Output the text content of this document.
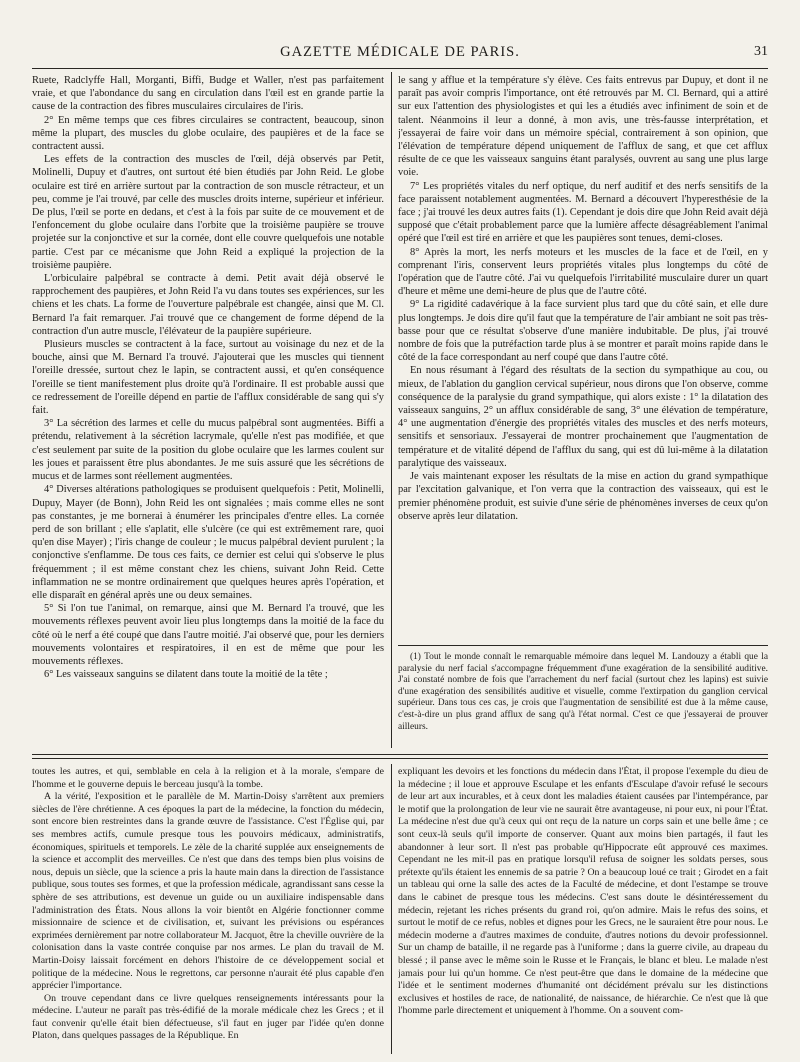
GAZETTE MÉDICALE DE PARIS.	31

Ruete, Radclyffe Hall, Morganti, Biffi, Budge et Waller, n'est pas parfaitement vraie, et que l'abondance du sang en circulation dans l'œil est en grande partie la cause de la contraction des fibres musculaires circulaires de l'iris.

2° En même temps que ces fibres circulaires se contractent, beaucoup, sinon même la plupart, des muscles du globe oculaire, des paupières et de la face se contractent aussi.

Les effets de la contraction des muscles de l'œil, déjà observés par Petit, Molinelli, Dupuy et d'autres, ont surtout été bien étudiés par John Reid. Le globe oculaire est tiré en arrière surtout par la contraction de son muscle rétracteur, et un peu, comme je l'ai trouvé, par celle des muscles droits interne, supérieur et inférieur. De plus, l'œil se porte en dedans, et c'est à la fois par suite de ce mouvement et de l'enfoncement du globe oculaire dans l'orbite que la troisième paupière se trouve projetée sur la conjonctive et sur la cornée, dont elle couvre quelquefois une notable partie. C'est par ce mécanisme que John Reid a expliqué la projection de la troisième paupière.

L'orbiculaire palpébral se contracte à demi. Petit avait déjà observé le rapprochement des paupières, et John Reid l'a vu dans toutes ses expériences, sur les chiens et les chats. La forme de l'ouverture palpébrale est changée, ainsi que M. Cl. Bernard l'a fait remarquer. J'ai trouvé que ce changement de forme dépend de la contraction d'un autre muscle, l'élévateur de la paupière supérieure.

Plusieurs muscles se contractent à la face, surtout au voisinage du nez et de la bouche, ainsi que M. Bernard l'a trouvé. J'ajouterai que les muscles qui tiennent l'oreille dressée, surtout chez le lapin, se contractent aussi, et qu'en conséquence l'oreille se tient manifestement plus droite qu'à l'ordinaire. Il est probable aussi que ce redressement de l'oreille dépend en partie de l'afflux considérable de sang qui s'y fait.

3° La sécrétion des larmes et celle du mucus palpébral sont augmentées. Biffi a prétendu, relativement à la sécrétion lacrymale, qu'elle n'est pas modifiée, et que c'est seulement par suite de la position du globe oculaire que les larmes coulent sur les joues et paraissent être plus abondantes. Je me suis assuré que les sécrétions de mucus et de larmes sont réellement augmentées.

4° Diverses altérations pathologiques se produisent quelquefois : Petit, Molinelli, Dupuy, Mayer (de Bonn), John Reid les ont signalées ; mais comme elles ne sont pas constantes, je me bornerai à énumérer les principales d'entre elles. La cornée perd de son brillant ; elle s'aplatit, elle s'ulcère (ce qui est extrêmement rare, quoi qu'en dise Mayer) ; l'iris change de couleur ; le mucus palpébral devient purulent ; la conjonctive s'enflamme. De tous ces faits, ce dernier est celui qui s'observe le plus fréquemment ; il est même constant chez les chiens, suivant John Reid. Cette inflammation ne se montre ordinairement que quelques heures après l'opération, et elle disparaît en général après une ou deux semaines.

5° Si l'on tue l'animal, on remarque, ainsi que M. Bernard l'a trouvé, que les mouvements réflexes peuvent avoir lieu plus longtemps dans la moitié de la face du côté où le nerf a été coupé que dans l'autre moitié. J'ai observé que, pour les derniers mouvements volontaires et respiratoires, il en est de même que pour les mouvements réflexes.

6° Les vaisseaux sanguins se dilatent dans toute la moitié de la tête ;

le sang y afflue et la température s'y élève. Ces faits entrevus par Dupuy, et dont il ne paraît pas avoir compris l'importance, ont été retrouvés par M. Cl. Bernard, qui a attiré sur eux l'attention des physiologistes et qui les a étudiés avec infiniment de soin et de talent. Néanmoins il leur a donné, à mon avis, une très-fausse interprétation, et j'essayerai de faire voir dans un mémoire spécial, contrairement à son opinion, que l'élévation de température dépend uniquement de l'afflux de sang, et que cet afflux résulte de ce que les vaisseaux sanguins étant paralysés, ouvrent au sang une plus large voie.

7° Les propriétés vitales du nerf optique, du nerf auditif et des nerfs sensitifs de la face paraissent notablement augmentées. M. Bernard a découvert l'hyperesthésie de la face ; j'ai trouvé les deux autres faits (1). Cependant je dois dire que John Reid avait déjà supposé que c'était probablement parce que la lumière affecte désagréablement l'animal opéré que l'œil est tiré en arrière et que les paupières sont tenues, demi-closes.

8° Après la mort, les nerfs moteurs et les muscles de la face et de l'œil, en y comprenant l'iris, conservent leurs propriétés vitales plus longtemps du côté de l'opération que de l'autre côté. J'ai vu quelquefois l'irritabilité musculaire durer un quart d'heure et même une demi-heure de plus que de l'autre côté.

9° La rigidité cadavérique à la face survient plus tard que du côté sain, et elle dure plus longtemps. Je dois dire qu'il faut que la température de l'air ambiant ne soit pas très-basse pour que ce résultat s'observe d'une manière indubitable. De plus, j'ai trouvé nombre de fois que la putréfaction tarde plus à se montrer et paraît moins rapide dans le côté de la face correspondant au nerf coupé que dans l'autre côté.

En nous résumant à l'égard des résultats de la section du sympathique au cou, ou mieux, de l'ablation du ganglion cervical supérieur, nous dirons que l'on observe, comme conséquence de la paralysie du grand sympathique, qui alors existe : 1° la dilatation des vaisseaux sanguins, 2° un afflux considérable de sang, 3° une élévation de température, 4° une augmentation d'énergie des propriétés vitales des muscles et des nerfs moteurs, sensitifs et sensoriaux. J'essayerai de montrer prochainement que l'augmentation de température et de vitalité dépend de l'afflux du sang, qui est dû lui-même à la dilatation paralytique des vaisseaux.

Je vais maintenant exposer les résultats de la mise en action du grand sympathique par l'excitation galvanique, et l'on verra que la contraction des vaisseaux, qui est le premier phénomène produit, est suivie d'une série de phénomènes inverses de ceux qu'on observe après leur dilatation.

(1) Tout le monde connaît le remarquable mémoire dans lequel M. Landouzy a établi que la paralysie du nerf facial s'accompagne fréquemment d'une exagération de la sensibilité auditive. J'ai constaté nombre de fois que l'arrachement du nerf facial (surtout chez les lapins) est suivie d'une exagération des sensibilités auditive et visuelle, comme l'extirpation du ganglion cervical supérieur. Dans tous ces cas, je crois que l'augmentation de sensibilité est due à la même cause, c'est-à-dire un plus grand afflux de sang qu'à l'état normal. C'est ce que j'essayerai de prouver ailleurs.

toutes les autres, et qui, semblable en cela à la religion et à la morale, s'empare de l'homme et le gouverne depuis le berceau jusqu'à la tombe.

A la vérité, l'exposition et le parallèle de M. Martin-Doisy s'arrêtent aux premiers siècles de l'ère chrétienne. A ces époques la part de la médecine, la fonction du médecin, sont encore bien restreintes dans la grande œuvre de l'assistance. C'est l'Église qui, par ses membres actifs, cumule presque tous les pouvoirs médicaux, administratifs, économiques, spirituels et temporels. Le zèle de la charité supplée aux enseignements de la science et accomplit des merveilles. Ce n'est que dans des temps bien plus voisins de nous, depuis un siècle, que la science a pris la haute main dans la direction de l'assistance publique, sous toutes ses formes, et que la profession médicale, agrandissant sans cesse la sphère de ses attributions, est devenue un guide ou un auxiliaire indispensable dans l'administration des États. Nous allons la voir bientôt en Algérie fonctionner comme missionnaire de science et de civilisation, et, suivant les prévisions ou espérances exprimées dernièrement par notre collaborateur M. Jacquot, être la cheville ouvrière de la colonisation dans la vaste contrée conquise par nos armes. Le plan du travail de M. Martin-Doisy laissait forcément en dehors l'histoire de ce développement social et politique de la médecine. Nous le regrettons, car personne n'aurait été plus capable d'en apprécier l'importance.

On trouve cependant dans ce livre quelques renseignements intéressants pour la médecine. L'auteur ne paraît pas très-édifié de la morale médicale chez les Grecs ; et il faut convenir qu'elle était bien défectueuse, s'il faut en juger par l'idée qu'en donne Platon, dans quelques passages de la République. En

expliquant les devoirs et les fonctions du médecin dans l'État, il propose l'exemple du dieu de la médecine ; il loue et approuve Esculape et les enfants d'Esculape d'avoir refusé le secours de leur art aux incurables, et à ceux dont les maladies étaient causées par l'intempérance, par le motif que la prolongation de leur vie ne saurait être avantageuse, ni pour eux, ni pour l'État. La médecine n'est due qu'à ceux qui ont reçu de la nature un corps sain et une belle âme ; ce sont ceux-là seuls qu'il importe de conserver. Quant aux moins bien partagés, il faut les abandonner à leur sort. Il n'est pas probable qu'Hippocrate eût approuvé ces maximes. Cependant ne les mit-il pas en pratique lorsqu'il refusa de soigner les soldats perses, sous prétexte qu'ils étaient les ennemis de sa patrie ? On a beaucoup loué ce trait ; Girodet en a fait un tableau qui orne la salle des actes de la Faculté de médecine, et dont l'estampe se trouve dans le cabinet de presque tous les médecins. C'est sans doute le désintéressement du médecin, rejetant les riches présents du grand roi, qu'on admire. Mais le refus des soins, et surtout le motif de ce refus, nobles et dignes pour les Grecs, ne le sauraient être pour nous. Le médecin moderne a d'autres maximes de conduite, d'autres notions du devoir professionnel. Sur un champ de bataille, il ne regarde pas à l'uniforme ; dans la guerre civile, au drapeau du blessé ; il panse avec le même soin le Russe et le Français, le blanc et bleu. Le malade n'est jamais pour lui qu'un homme. Ce n'est peut-être que dans le domaine de la médecine que l'idée et le sentiment modernes d'humanité ont décidément prévalu sur les distinctions exclusives et hostiles de race, de nationalité, de naissance, de hiérarchie. Ce n'est que là que l'homme parle directement et uniquement à l'homme. On a souvent com-
